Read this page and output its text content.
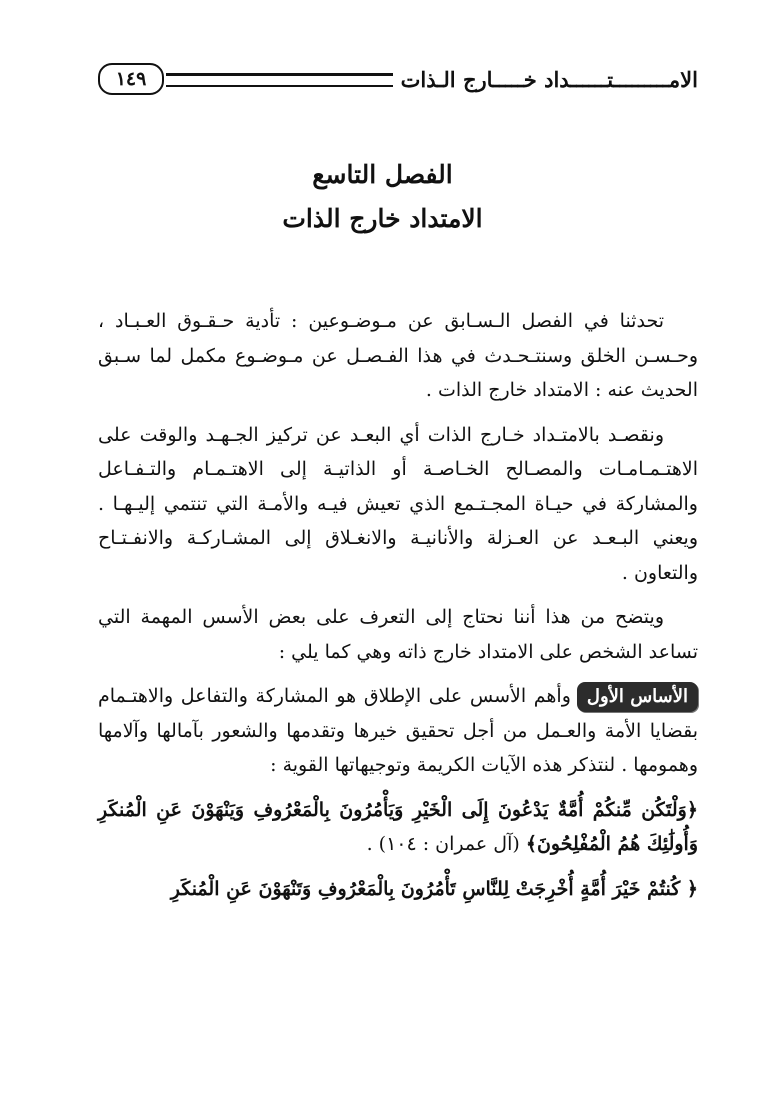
الامـــــــــتــــــداد خـــــارج الـذات
١٤٩
الفصل التاسع
الامتداد خارج الذات

تحدثنا في الفصل الـسـابق عن مـوضـوعين : تأدية حـقـوق العـبـاد ، وحـسـن الخلق وسنتـحـدث في هذا الفـصـل عن مـوضـوع مكمل لما سـبق الحديث عنه : الامتداد خارج الذات .

ونقصـد بالامتـداد خـارج الذات أي البعـد عن تركيز الجـهـد والوقت على الاهتـمـامـات والمصـالح الخـاصـة أو الذاتيـة إلى الاهتـمـام والتـفـاعل والمشاركة في حيـاة المجـتـمع الذي تعيش فيـه والأمـة التي تنتمي إليـهـا . ويعني البـعـد عن العـزلة والأنانيـة والانغـلاق إلى المشـاركـة والانفـتـاح والتعاون .

ويتضح من هذا أننا نحتاج إلى التعرف على بعض الأسس المهمة التي تساعد الشخص على الامتداد خارج ذاته وهي كما يلي :

الأساس الأولوأهم الأسس على الإطلاق هو المشاركة والتفاعل والاهتـمام بقضايا الأمة والعـمل من أجل تحقيق خيرها وتقدمها والشعور بآمالها وآلامها وهمومها . لنتذكر هذه الآيات الكريمة وتوجيهاتها القوية :

﴿وَلْتَكُن مِّنكُمْ أُمَّةٌ يَدْعُونَ إِلَى الْخَيْرِ وَيَأْمُرُونَ بِالْمَعْرُوفِ وَيَنْهَوْنَ عَنِ الْمُنكَرِ وَأُولَٰئِكَ هُمُ الْمُفْلِحُونَ﴾ (آل عمران : ١٠٤) .

﴿ كُنتُمْ خَيْرَ أُمَّةٍ أُخْرِجَتْ لِلنَّاسِ تَأْمُرُونَ بِالْمَعْرُوفِ وَتَنْهَوْنَ عَنِ الْمُنكَرِ
